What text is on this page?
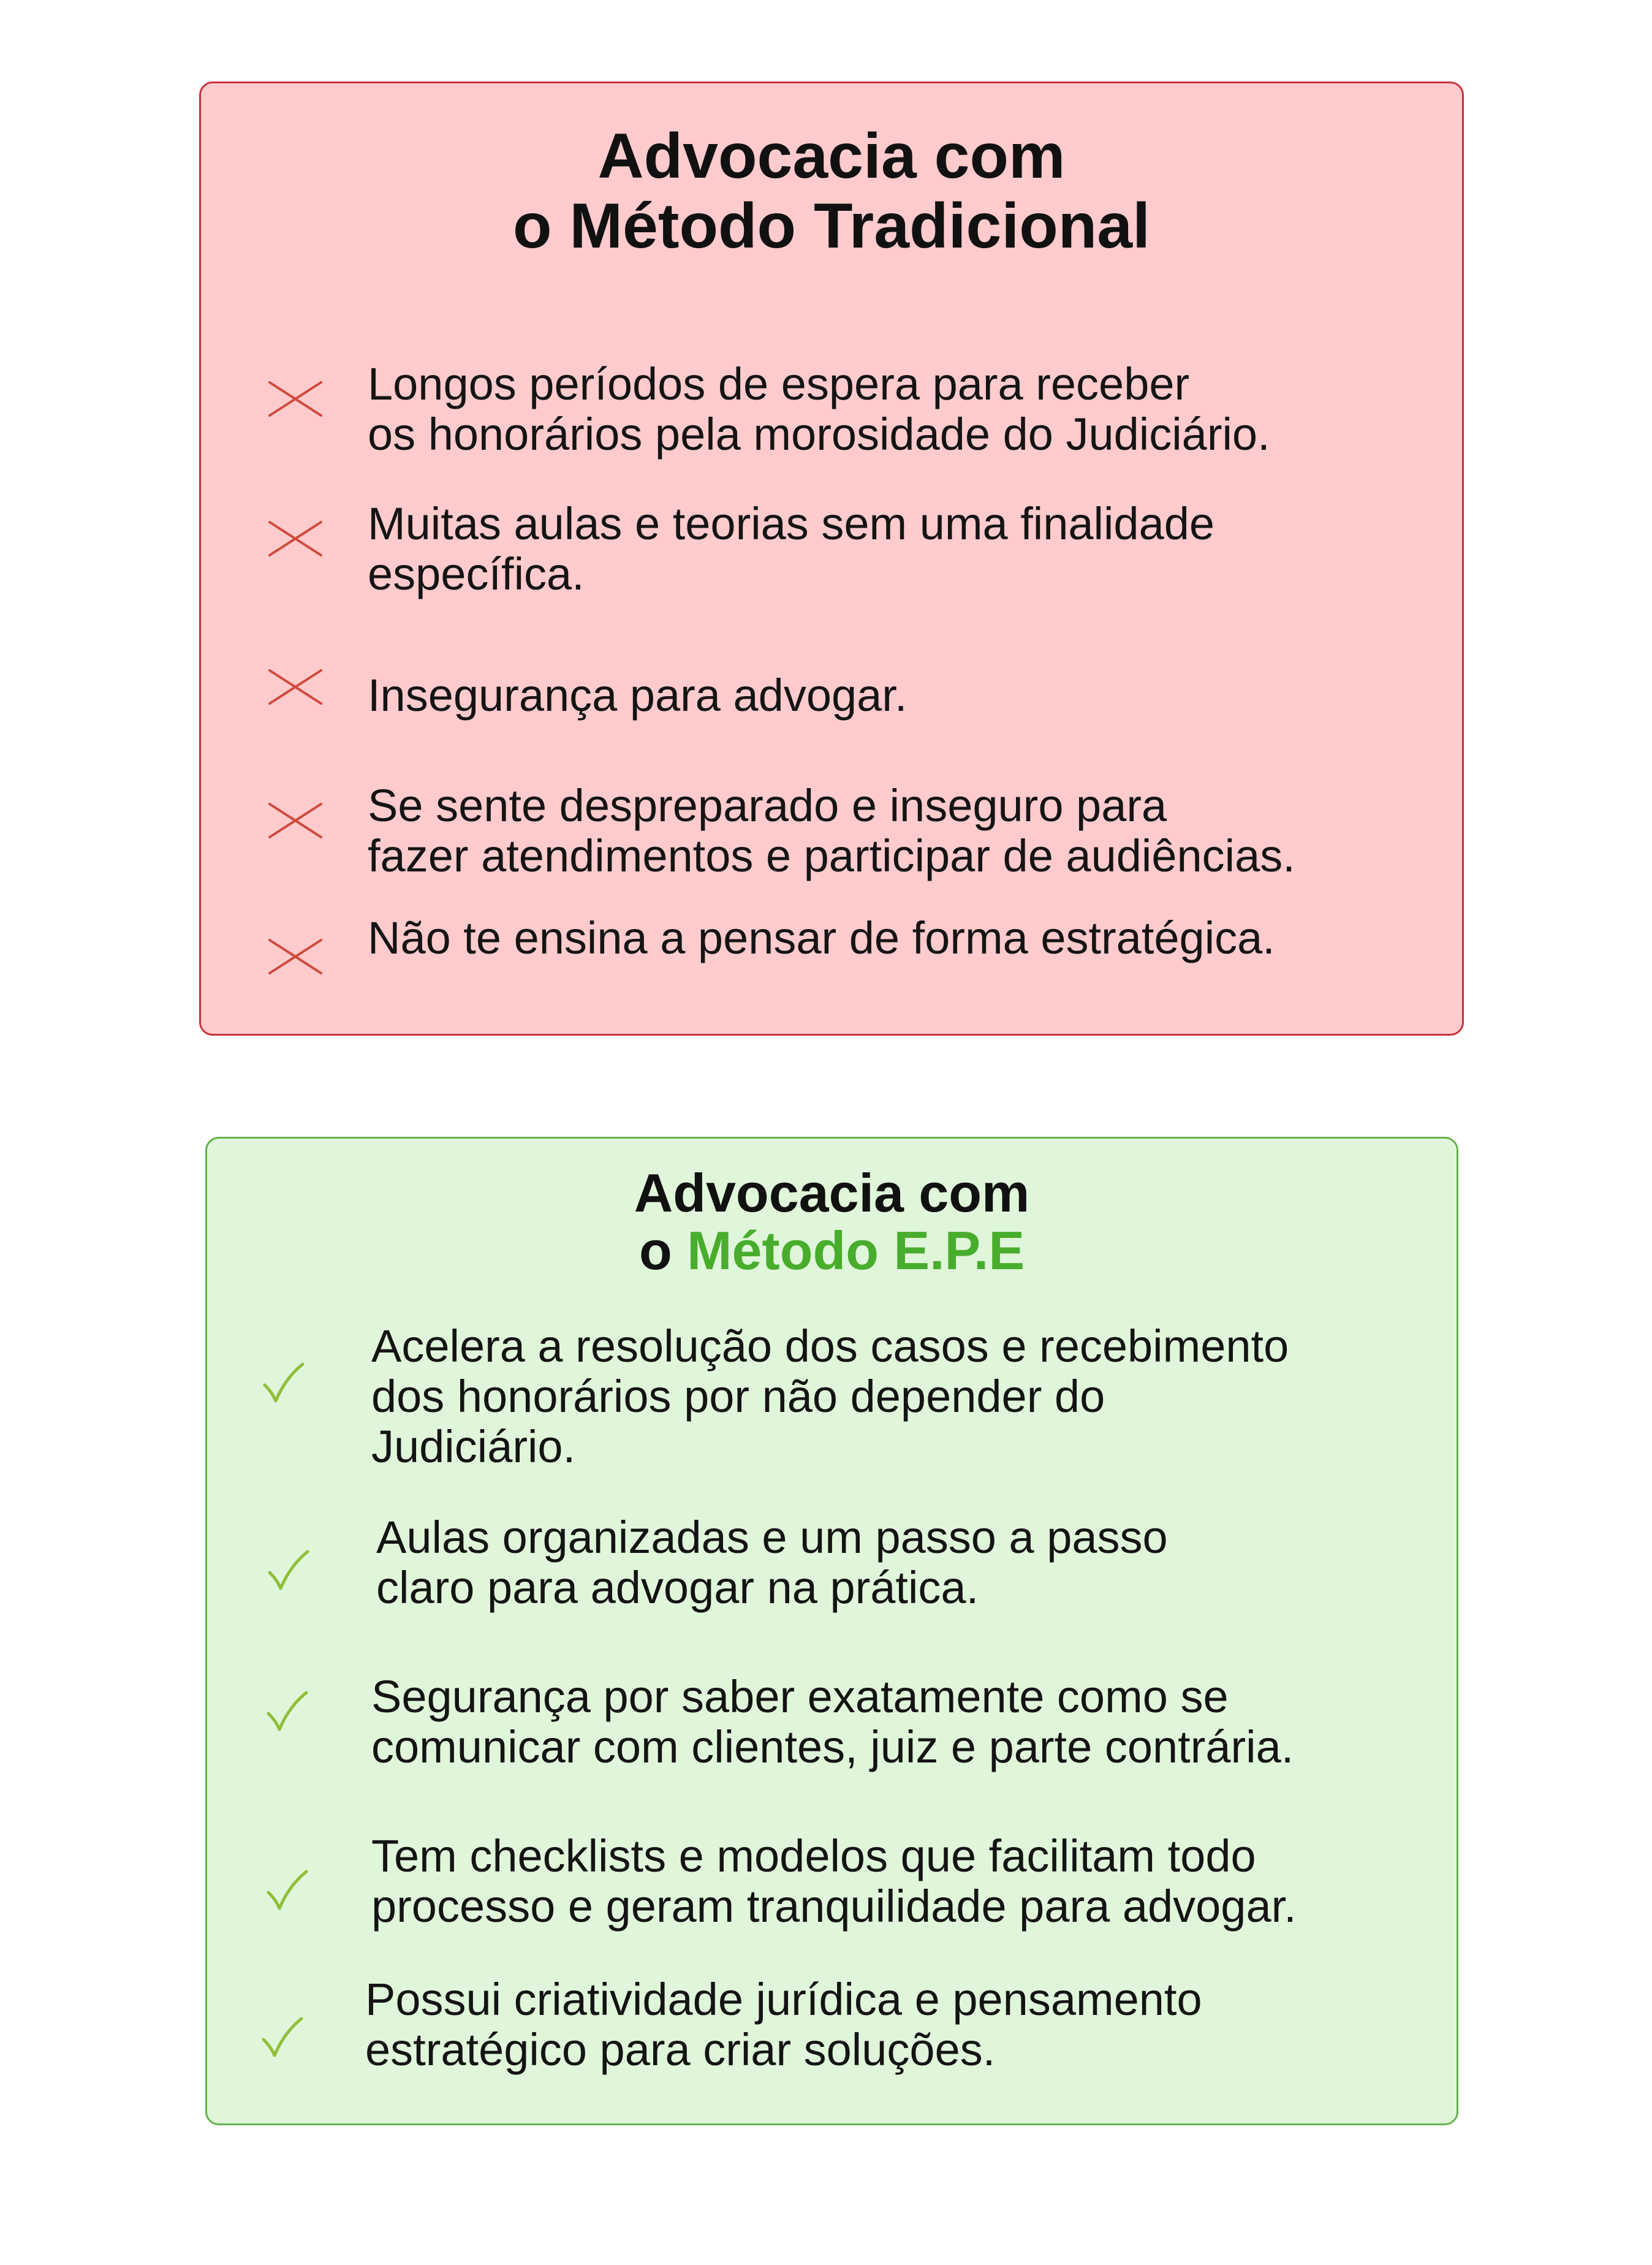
Advocacia com
o Método Tradicional

Longos períodos de espera para receber
os honorários pela morosidade do Judiciário.

Muitas aulas e teorias sem uma finalidade
específica.

Insegurança para advogar.

Se sente despreparado e inseguro para
fazer atendimentos e participar de audiências.

Não te ensina a pensar de forma estratégica.

Advocacia com
o Método E.P.E

Acelera a resolução dos casos e recebimento
dos honorários por não depender do
Judiciário.

Aulas organizadas e um passo a passo
claro para advogar na prática.

Segurança por saber exatamente como se
comunicar com clientes, juiz e parte contrária.

Tem checklists e modelos que facilitam todo
processo e geram tranquilidade para advogar.

Possui criatividade jurídica e pensamento
estratégico para criar soluções.
